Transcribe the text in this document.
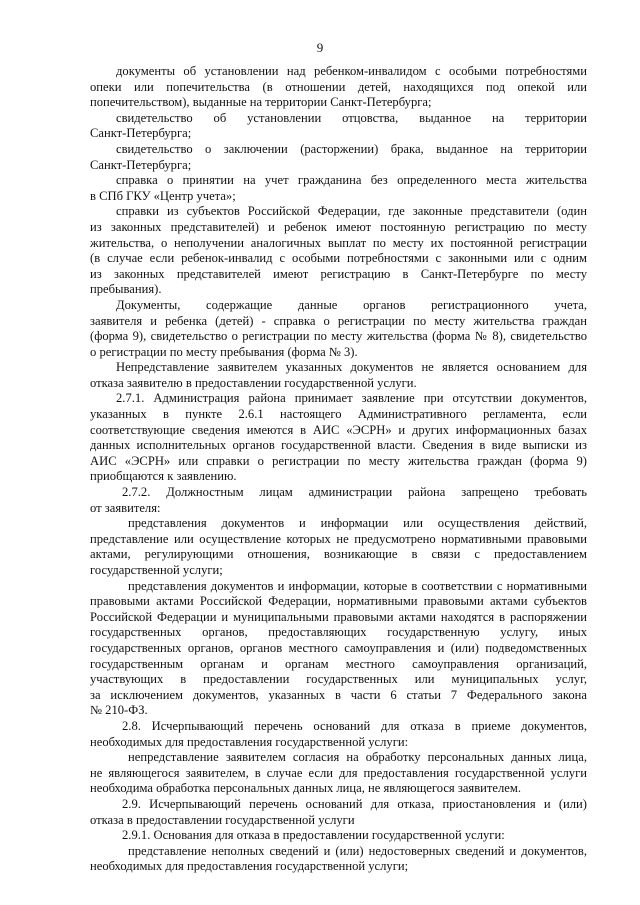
9
документы об установлении над ребенком-инвалидом с особыми потребностями
опеки или попечительства (в отношении детей, находящихся под опекой или
попечительством), выданные на территории Санкт-Петербурга;
свидетельство об установлении отцовства, выданное на территории
Санкт-Петербурга;
свидетельство о заключении (расторжении) брака, выданное на территории
Санкт-Петербурга;
справка о принятии на учет гражданина без определенного места жительства
в СПб ГКУ «Центр учета»;
справки из субъектов Российской Федерации, где законные представители (один
из законных представителей) и ребенок имеют постоянную регистрацию по месту
жительства, о неполучении аналогичных выплат по месту их постоянной регистрации
(в случае если ребенок-инвалид с особыми потребностями с законными или с одним
из законных представителей имеют регистрацию в Санкт-Петербурге по месту
пребывания).
Документы, содержащие данные органов регистрационного учета,
заявителя и ребенка (детей) - справка о регистрации по месту жительства граждан
(форма 9), свидетельство о регистрации по месту жительства (форма № 8), свидетельство
о регистрации по месту пребывания (форма № 3).
Непредставление заявителем указанных документов не является основанием для
отказа заявителю в предоставлении государственной услуги.
2.7.1. Администрация района принимает заявление при отсутствии документов,
указанных в пункте 2.6.1 настоящего Административного регламента, если
соответствующие сведения имеются в АИС «ЭСРН» и других информационных базах
данных исполнительных органов государственной власти. Сведения в виде выписки из
АИС «ЭСРН» или справки о регистрации по месту жительства граждан (форма 9)
приобщаются к заявлению.
2.7.2. Должностным лицам администрации района запрещено требовать
от заявителя:
представления документов и информации или осуществления действий,
представление или осуществление которых не предусмотрено нормативными правовыми
актами, регулирующими отношения, возникающие в связи с предоставлением
государственной услуги;
представления документов и информации, которые в соответствии с нормативными
правовыми актами Российской Федерации, нормативными правовыми актами субъектов
Российской Федерации и муниципальными правовыми актами находятся в распоряжении
государственных органов, предоставляющих государственную услугу, иных
государственных органов, органов местного самоуправления и (или) подведомственных
государственным органам и органам местного самоуправления организаций,
участвующих в предоставлении государственных или муниципальных услуг,
за исключением документов, указанных в части 6 статьи 7 Федерального закона
№ 210-ФЗ.
2.8. Исчерпывающий перечень оснований для отказа в приеме документов,
необходимых для предоставления государственной услуги:
непредставление заявителем согласия на обработку персональных данных лица,
не являющегося заявителем, в случае если для предоставления государственной услуги
необходима обработка персональных данных лица, не являющегося заявителем.
2.9. Исчерпывающий перечень оснований для отказа, приостановления и (или)
отказа в предоставлении государственной услуги
2.9.1. Основания для отказа в предоставлении государственной услуги:
представление неполных сведений и (или) недостоверных сведений и документов,
необходимых для предоставления государственной услуги;
